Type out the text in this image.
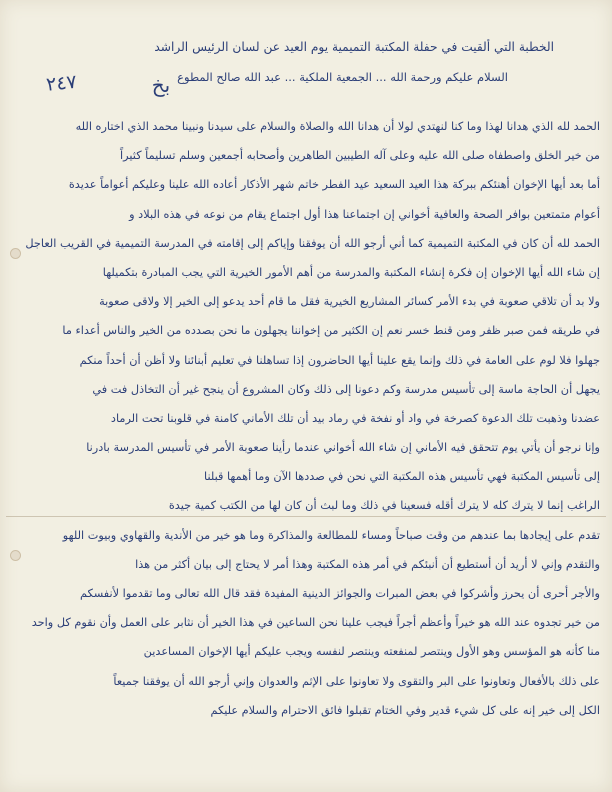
الخطبة التي ألقيت في حفلة المكتبة التميمية يوم العيد عن لسان الرئيس الراشد
السلام عليكم ورحمة الله ... الجمعية الملكية ... عبد الله صالح المطوع
٢٤٧	بخ
الحمد لله الذي هدانا لهذا وما كنا لنهتدي لولا أن هدانا الله والصلاة والسلام على سيدنا ونبينا محمد الذي اختاره الله
من خير الخلق واصطفاه صلى الله عليه وعلى آله الطيبين الطاهرين وأصحابه أجمعين وسلم تسليماً كثيراً
أما بعد أيها الإخوان أهنئكم ببركة هذا العيد السعيد عيد الفطر خاتم شهر الأذكار أعاده الله علينا وعليكم أعواماً عديدة
أعوام متمتعين بوافر الصحة والعافية أخواني إن اجتماعنا هذا أول اجتماع يقام من نوعه في هذه البلاد و
الحمد لله أن كان في المكتبة التميمية كما أني أرجو الله أن يوفقنا وإياكم إلى إقامته في المدرسة التميمية في القريب العاجل
إن شاء الله أيها الإخوان إن فكرة إنشاء المكتبة والمدرسة من أهم الأمور الخيرية التي يجب المبادرة بتكميلها
ولا بد أن تلاقي صعوبة في بدء الأمر كسائر المشاريع الخيرية فقل ما قام أحد يدعو إلى الخير إلا ولاقى صعوبة
في طريقه فمن صبر ظفر ومن قنط خسر نعم إن الكثير من إخواننا يجهلون ما نحن بصدده من الخير والناس أعداء ما
جهلوا فلا لوم على العامة في ذلك وإنما يقع علينا أيها الحاضرون إذا تساهلنا في تعليم أبنائنا ولا أظن أن أحداً منكم
يجهل أن الحاجة ماسة إلى تأسيس مدرسة وكم دعونا إلى ذلك وكان المشروع أن ينجح غير أن التخاذل فت في
عضدنا وذهبت تلك الدعوة كصرخة في واد أو نفخة في رماد بيد أن تلك الأماني كامنة في قلوبنا تحت الرماد
وإنا نرجو أن يأتي يوم تتحقق فيه الأماني إن شاء الله أخواني عندما رأينا صعوبة الأمر في تأسيس المدرسة بادرنا
إلى تأسيس المكتبة فهي تأسيس هذه المكتبة التي نحن في صددها الآن وما أهمها قبلنا
الراغب إنما لا يترك كله لا يترك أقله فسعينا في ذلك وما لبث أن كان لها من الكتب كمية جيدة
تقدم على إيجادها بما عندهم من وقت صباحاً ومساء للمطالعة والمذاكرة وما هو خير من الأندية والقهاوي وبيوت اللهو
والتقدم وإني لا أريد أن أستطيع أن أنبئكم في أمر هذه المكتبة وهذا أمر لا يحتاج إلى بيان أكثر من هذا
والأجر أحرى أن يحرز وأشركوا في بعض المبرات والجوائز الدينية المفيدة فقد قال الله تعالى وما تقدموا لأنفسكم
من خير تجدوه عند الله هو خيراً وأعظم أجراً فيجب علينا نحن الساعين في هذا الخير أن نثابر على العمل وأن نقوم كل واحد
منا كأنه هو المؤسس وهو الأول وينتصر لمنفعته وينتصر لنفسه ويجب عليكم أيها الإخوان المساعدين
على ذلك بالأفعال وتعاونوا على البر والتقوى ولا تعاونوا على الإثم والعدوان وإني أرجو الله أن يوفقنا جميعاً
الكل إلى خير إنه على كل شيء قدير وفي الختام تقبلوا فائق الاحترام والسلام عليكم
